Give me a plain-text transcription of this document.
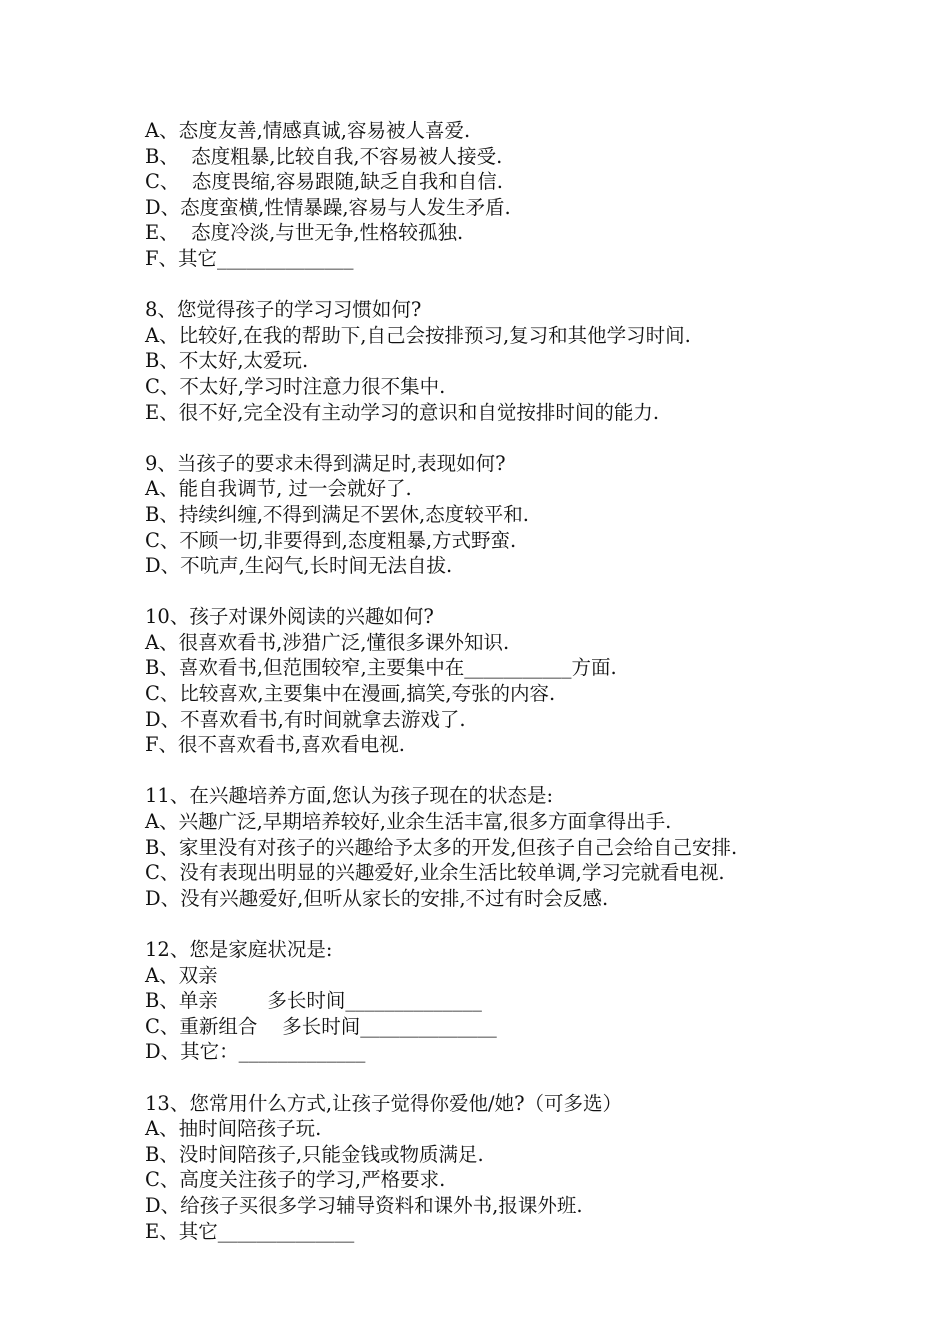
A、态度友善,情感真诚,容易被人喜爱.
B、  态度粗暴,比较自我,不容易被人接受.
C、  态度畏缩,容易跟随,缺乏自我和自信.
D、态度蛮横,性情暴躁,容易与人发生矛盾.
E、  态度冷淡,与世无争,性格较孤独.
F、其它______________
8、您觉得孩子的学习习惯如何?
A、比较好,在我的帮助下,自己会按排预习,复习和其他学习时间.
B、不太好,太爱玩.
C、不太好,学习时注意力很不集中.
E、很不好,完全没有主动学习的意识和自觉按排时间的能力.
9、当孩子的要求未得到满足时,表现如何?
A、能自我调节, 过一会就好了.
B、持续纠缠,不得到满足不罢休,态度较平和.
C、不顾一切,非要得到,态度粗暴,方式野蛮.
D、不吭声,生闷气,长时间无法自拔.
10、孩子对课外阅读的兴趣如何?
A、很喜欢看书,涉猎广泛,懂很多课外知识.
B、喜欢看书,但范围较窄,主要集中在___________方面.
C、比较喜欢,主要集中在漫画,搞笑,夸张的内容.
D、不喜欢看书,有时间就拿去游戏了.
F、很不喜欢看书,喜欢看电视.
11、在兴趣培养方面,您认为孩子现在的状态是:
A、兴趣广泛,早期培养较好,业余生活丰富,很多方面拿得出手.
B、家里没有对孩子的兴趣给予太多的开发,但孩子自己会给自己安排.
C、没有表现出明显的兴趣爱好,业余生活比较单调,学习完就看电视.
D、没有兴趣爱好,但听从家长的安排,不过有时会反感.
12、您是家庭状况是:
A、双亲
B、单亲        多长时间______________
C、重新组合    多长时间______________
D、其它：_____________
13、您常用什么方式,让孩子觉得你爱他/她?（可多选）
A、抽时间陪孩子玩.
B、没时间陪孩子,只能金钱或物质满足.
C、高度关注孩子的学习,严格要求.
D、给孩子买很多学习辅导资料和课外书,报课外班.
E、其它______________
